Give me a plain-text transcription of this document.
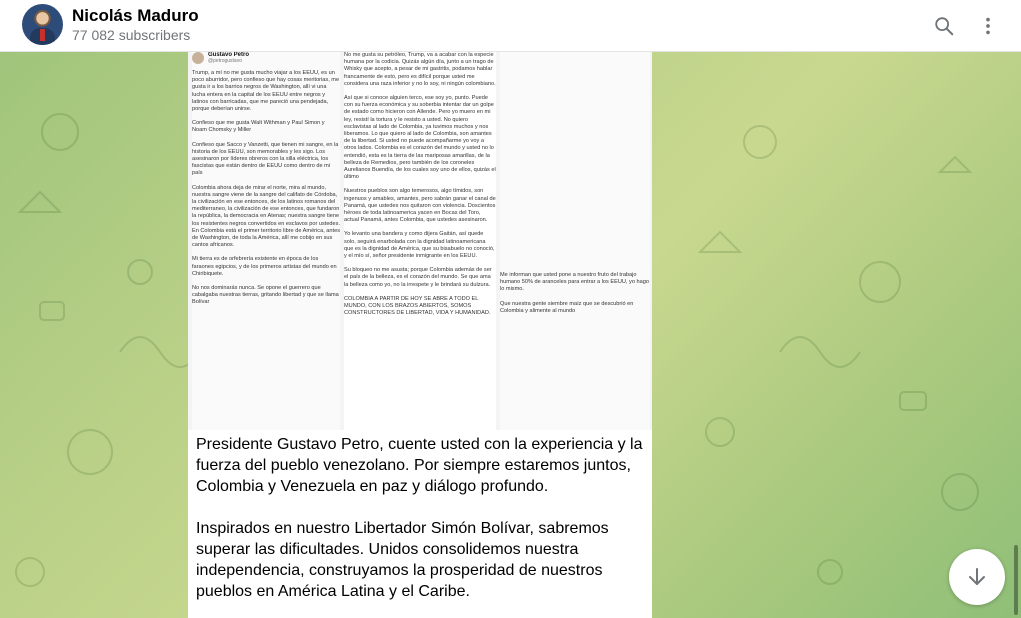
Nicolás Maduro
77 082 subscribers
Gustavo Petro
@petrogustavo

Trump, a mí no me gusta mucho viajar a los EEUU, es un poco aburridor, pero confieso que hay cosas meritorias, me gusta ir a los barrios negros de Washington, allí vi una lucha entera en la capital de los EEUU entre negros y latinos con barricadas, que me pareció una pendejada, porque deberían unirse.

Confieso que me gusta Walt Withman y Paul Simon y Noam Chomsky y Miller

Confieso que Sacco y Vanzetti, que tienen mi sangre, en la historia de los EEUU, son memorables y les sigo. Los asesinaron por líderes obreros con la silla eléctrica, los fascistas que están dentro de EEUU como dentro de mi país

Colombia ahora deja de mirar el norte, mira al mundo, nuestra sangre viene de la sangre del califato de Córdoba, la civilización en ese entonces, de los latinos romanos del mediterraneo, la civilización de ese entonces, que fundaron la república, la democracia en Atenas; nuestra sangre tiene los resistentes negros convertidos en esclavos por ustedes. En Colombia está el primer territorio libre de América, antes de Washington, de toda la América, allí me cobijo en sus cantos africanos.

Mi tierra es de orfebrería existente en época de los faraones egipcios, y de los primeros artistas del mundo en Chiribiquete.

No nos dominarás nunca. Se opone el guerrero que cabalgaba nuestras tierras, gritando libertad y que se llama Bolívar

No me gusta su petróleo, Trump, va a acabar con la especie humana por la codicia. Quizás algún día, junto a un trago de Whisky que acepto, a pesar de mi gastritis, podamos hablar francamente de esto, pero es difícil porque usted me considera una raza inferior y no lo soy, ni ningún colombiano.

Así que si conoce alguien terco, ese soy yo, punto. Puede con su fuerza económica y su soberbia intentar dar un golpe de estado como hicieron con Allende. Pero yo muero en mi ley, resistí la tortura y le resisto a usted. No quiero esclavistas al lado de Colombia, ya tuvimos muchos y nos liberamos. Lo que quiero al lado de Colombia, son amantes de la libertad. Si usted no puede acompañarme yo voy a otros lados. Colombia es el corazón del mundo y usted no lo entendió, esta es la tierra de las mariposas amarillas, de la belleza de Remedios, pero también de los coroneles Aurelianos Buendía, de los cuales soy uno de ellos, quizás el último

Nuestros pueblos son algo temerosos, algo tímidos, son ingenuos y amables, amantes, pero sabrán ganar el canal de Panamá, que ustedes nos quitaron con violencia. Doscientos héroes de toda latinoamerica yacen en Bocas del Toro, actual Panamá, antes Colombia, que ustedes asesinaron.

Yo levanto una bandera y como dijera Gaitán, así quede solo, seguirá enarbolada con la dignidad latinoamericana que es la dignidad de América, que su bisabuelo no conoció, y el mío sí, señor presidente inmigrante en los EEUU.

Su bloqueo no me asusta; porque Colombia además de ser el país de la belleza, es el corazón del mundo. Se que ama la belleza como yo, no la irrespete y le brindará su dulzura.

COLOMBIA A PARTIR DE HOY SE ABRE A TODO EL MUNDO, CON LOS BRAZOS ABIERTOS, SOMOS CONSTRUCTORES DE LIBERTAD, VIDA Y HUMANIDAD.

Me informan que usted pone a nuestro fruto del trabajo humano 50% de aranceles para entrar a los EEUU, yo hago lo mismo.

Que nuestra gente siembre maíz que se descubrió en Colombia y alimente al mundo

Presidente Gustavo Petro, cuente usted con la experiencia y la fuerza del pueblo venezolano. Por siempre estaremos juntos, Colombia y Venezuela en paz y diálogo profundo.

Inspirados en nuestro Libertador Simón Bolívar, sabremos superar las dificultades. Unidos consolidemos nuestra independencia, construyamos la prosperidad de nuestros pueblos en América Latina y el Caribe.
